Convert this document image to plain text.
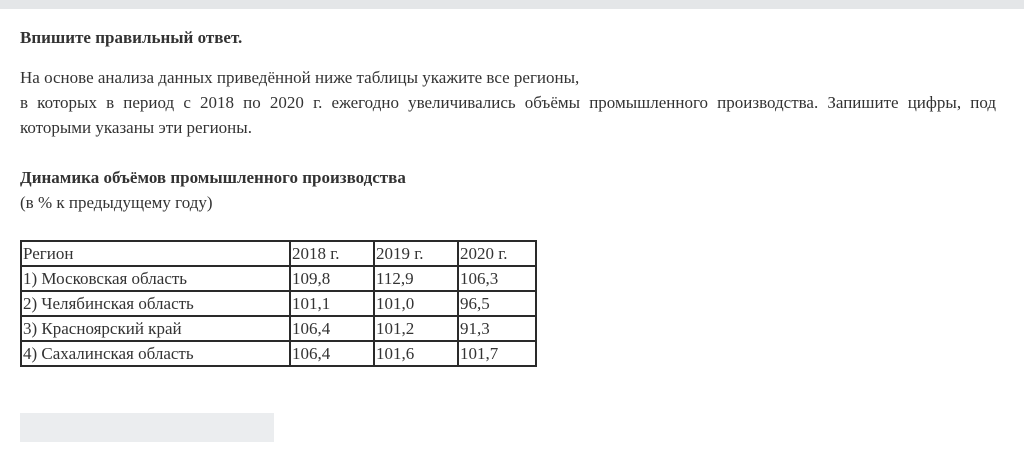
Впишите правильный ответ.

На основе анализа данных приведённой ниже таблицы укажите все регионы,
в которых в период с 2018 по 2020 г. ежегодно увеличивались объёмы промышленного производства. Запишите цифры, под
которыми указаны эти регионы.

Динамика объёмов промышленного производства

(в % к предыдущему году)

Регион	2018 г.	2019 г.	2020 г.
1) Московская область	109,8	112,9	106,3
2) Челябинская область	101,1	101,0	96,5
3) Красноярский край	106,4	101,2	91,3
4) Сахалинская область	106,4	101,6	101,7
